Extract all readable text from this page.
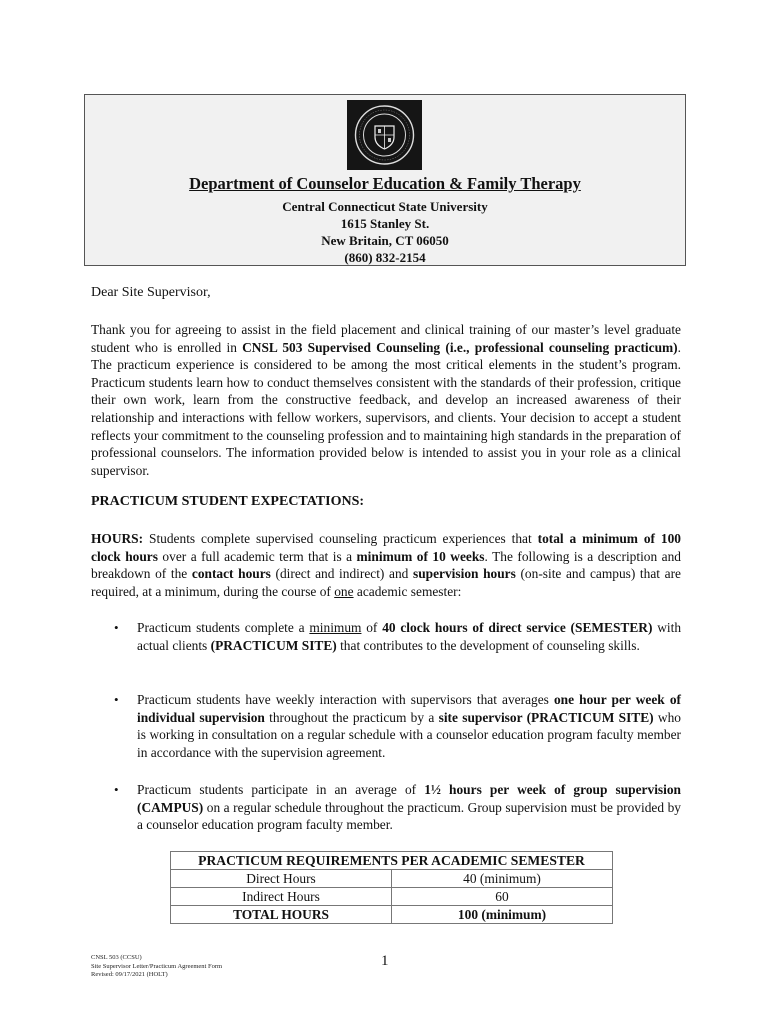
Department of Counselor Education & Family Therapy
Central Connecticut State University
1615 Stanley St.
New Britain, CT 06050
(860) 832-2154
Dear Site Supervisor,

Thank you for agreeing to assist in the field placement and clinical training of our master’s level graduate student who is enrolled in CNSL 503 Supervised Counseling (i.e., professional counseling practicum). The practicum experience is considered to be among the most critical elements in the student’s program. Practicum students learn how to conduct themselves consistent with the standards of their profession, critique their own work, learn from the constructive feedback, and develop an increased awareness of their relationship and interactions with fellow workers, supervisors, and clients. Your decision to accept a student reflects your commitment to the counseling profession and to maintaining high standards in the preparation of professional counselors. The information provided below is intended to assist you in your role as a clinical supervisor.

PRACTICUM STUDENT EXPECTATIONS:

HOURS: Students complete supervised counseling practicum experiences that total a minimum of 100 clock hours over a full academic term that is a minimum of 10 weeks. The following is a description and breakdown of the contact hours (direct and indirect) and supervision hours (on-site and campus) that are required, at a minimum, during the course of one academic semester:

• Practicum students complete a minimum of 40 clock hours of direct service (SEMESTER) with actual clients (PRACTICUM SITE) that contributes to the development of counseling skills.

• Practicum students have weekly interaction with supervisors that averages one hour per week of individual supervision throughout the practicum by a site supervisor (PRACTICUM SITE) who is working in consultation on a regular schedule with a counselor education program faculty member in accordance with the supervision agreement.

• Practicum students participate in an average of 1½ hours per week of group supervision (CAMPUS) on a regular schedule throughout the practicum. Group supervision must be provided by a counselor education program faculty member.

PRACTICUM REQUIREMENTS PER ACADEMIC SEMESTER	
Direct Hours	40 (minimum)
Indirect Hours	60
TOTAL HOURS	100 (minimum)
CNSL 503 (CCSU)
Site Supervisor Letter/Practicum Agreement Form
Revised: 09/17/2021 (HOLT)
1
